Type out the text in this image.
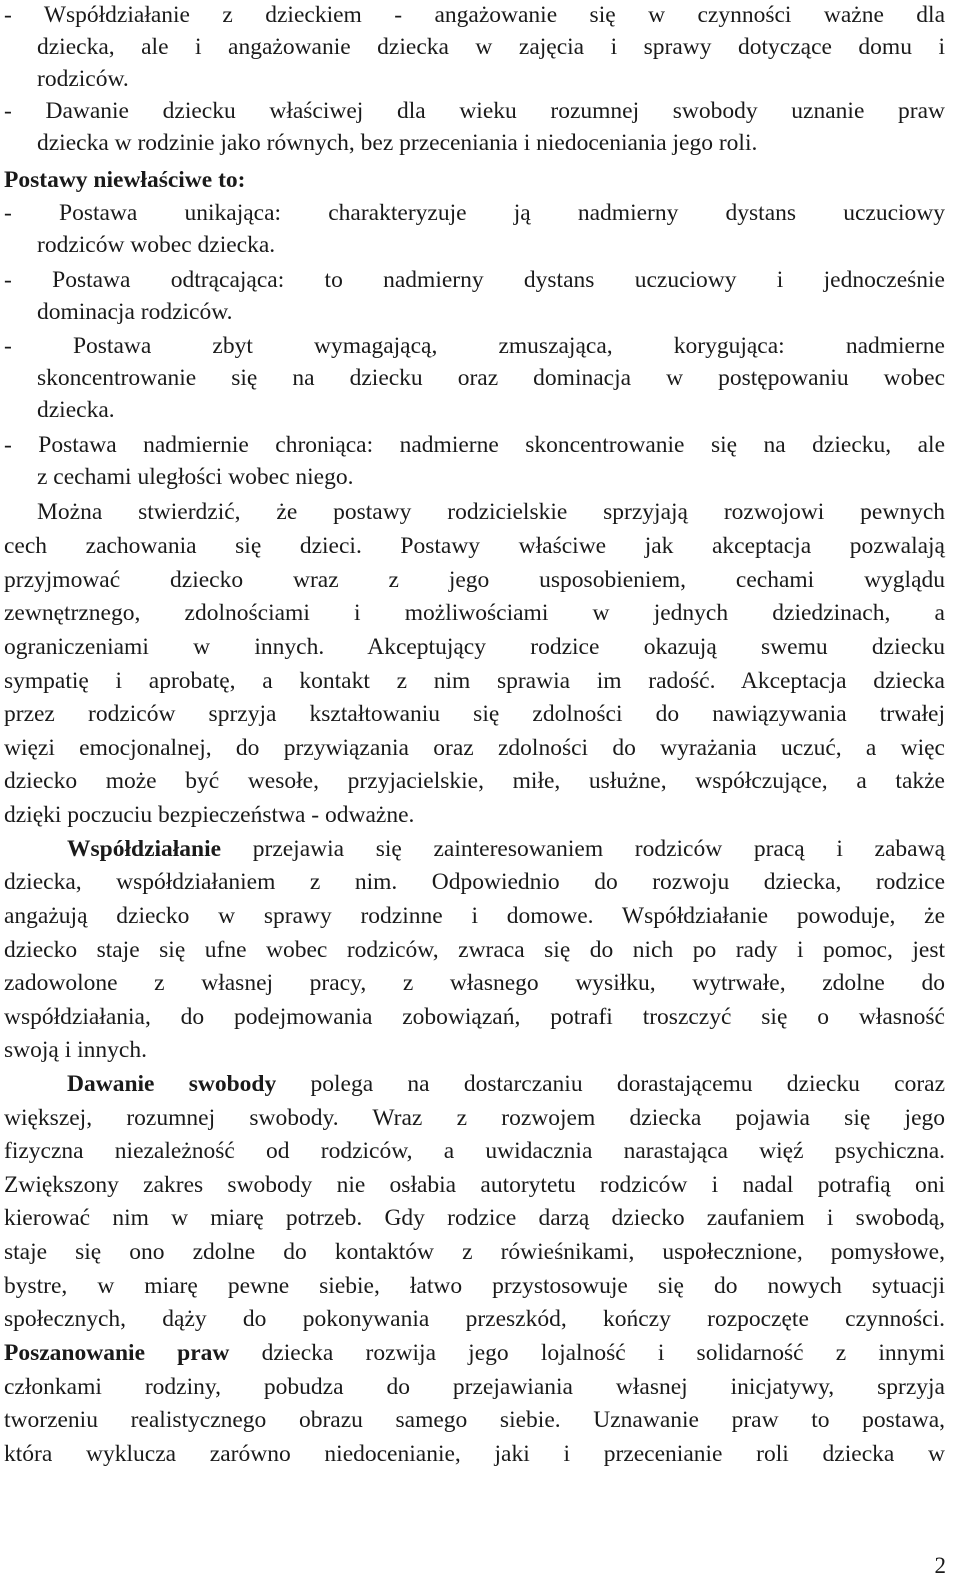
- Współdziałanie z dzieckiem - angażowanie się w czynności ważne dla
dziecka, ale i angażowanie dziecka w zajęcia i sprawy dotyczące domu i
rodziców.
- Dawanie dziecku właściwej dla wieku rozumnej swobody uznanie praw
dziecka w rodzinie jako równych, bez przeceniania i niedoceniania jego roli.
Postawy niewłaściwe to:
- Postawa unikająca: charakteryzuje ją nadmierny dystans uczuciowy
rodziców wobec dziecka.
- Postawa odtrącająca: to nadmierny dystans uczuciowy i jednocześnie
dominacja rodziców.
- Postawa zbyt wymagającą, zmuszająca, korygująca: nadmierne
skoncentrowanie się na dziecku oraz dominacja w postępowaniu wobec
dziecka.
- Postawa nadmiernie chroniąca: nadmierne skoncentrowanie się na dziecku, ale
z cechami uległości wobec niego.
Można stwierdzić, że postawy rodzicielskie sprzyjają rozwojowi pewnych
cech zachowania się dzieci. Postawy właściwe jak akceptacja pozwalają
przyjmować dziecko wraz z jego usposobieniem, cechami wyglądu
zewnętrznego, zdolnościami i możliwościami w jednych dziedzinach, a
ograniczeniami w innych. Akceptujący rodzice okazują swemu dziecku
sympatię i aprobatę, a kontakt z nim sprawia im radość. Akceptacja dziecka
przez rodziców sprzyja kształtowaniu się zdolności do nawiązywania trwałej
więzi emocjonalnej, do przywiązania oraz zdolności do wyrażania uczuć, a więc
dziecko może być wesołe, przyjacielskie, miłe, usłużne, współczujące, a także
dzięki poczuciu bezpieczeństwa - odważne.
Współdziałanie przejawia się zainteresowaniem rodziców pracą i zabawą
dziecka, współdziałaniem z nim. Odpowiednio do rozwoju dziecka, rodzice
angażują dziecko w sprawy rodzinne i domowe. Współdziałanie powoduje, że
dziecko staje się ufne wobec rodziców, zwraca się do nich po rady i pomoc, jest
zadowolone z własnej pracy, z własnego wysiłku, wytrwałe, zdolne do
współdziałania, do podejmowania zobowiązań, potrafi troszczyć się o własność
swoją i innych.
Dawanie swobody polega na dostarczaniu dorastającemu dziecku coraz
większej, rozumnej swobody. Wraz z rozwojem dziecka pojawia się jego
fizyczna niezależność od rodziców, a uwidacznia narastająca więź psychiczna.
Zwiększony zakres swobody nie osłabia autorytetu rodziców i nadal potrafią oni
kierować nim w miarę potrzeb. Gdy rodzice darzą dziecko zaufaniem i swobodą,
staje się ono zdolne do kontaktów z rówieśnikami, uspołecznione, pomysłowe,
bystre, w miarę pewne siebie, łatwo przystosowuje się do nowych sytuacji
społecznych, dąży do pokonywania przeszkód, kończy rozpoczęte czynności.
Poszanowanie praw dziecka rozwija jego lojalność i solidarność z innymi
członkami rodziny, pobudza do przejawiania własnej inicjatywy, sprzyja
tworzeniu realistycznego obrazu samego siebie. Uznawanie praw to postawa,
która wyklucza zarówno niedocenianie, jaki i przecenianie roli dziecka w
2
